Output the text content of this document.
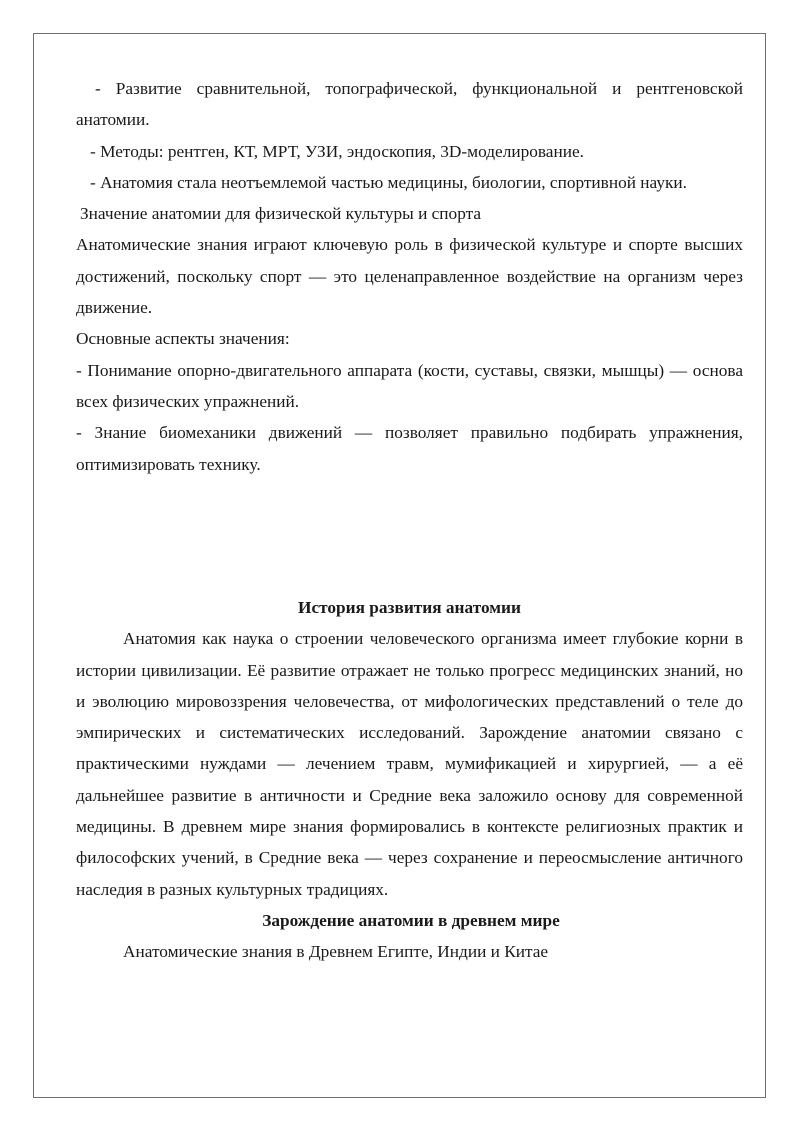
- Развитие сравнительной, топографической, функциональной и рентгеновской анатомии.

- Методы: рентген, КТ, МРТ, УЗИ, эндоскопия, 3D-моделирование.

- Анатомия стала неотъемлемой частью медицины, биологии, спортивной науки.

Значение анатомии для физической культуры и спорта

Анатомические знания играют ключевую роль в физической культуре и спорте высших достижений, поскольку спорт — это целенаправленное воздействие на организм через движение.

Основные аспекты значения:

- Понимание опорно-двигательного аппарата (кости, суставы, связки, мышцы) — основа всех физических упражнений.

- Знание биомеханики движений — позволяет правильно подбирать упражнения, оптимизировать технику.

История развития анатомии

Анатомия как наука о строении человеческого организма имеет глубокие корни в истории цивилизации. Её развитие отражает не только прогресс медицинских знаний, но и эволюцию мировоззрения человечества, от мифологических представлений о теле до эмпирических и систематических исследований. Зарождение анатомии связано с практическими нуждами — лечением травм, мумификацией и хирургией, — а её дальнейшее развитие в античности и Средние века заложило основу для современной медицины. В древнем мире знания формировались в контексте религиозных практик и философских учений, в Средние века — через сохранение и переосмысление античного наследия в разных культурных традициях.

Зарождение анатомии в древнем мире

Анатомические знания в Древнем Египте, Индии и Китае
